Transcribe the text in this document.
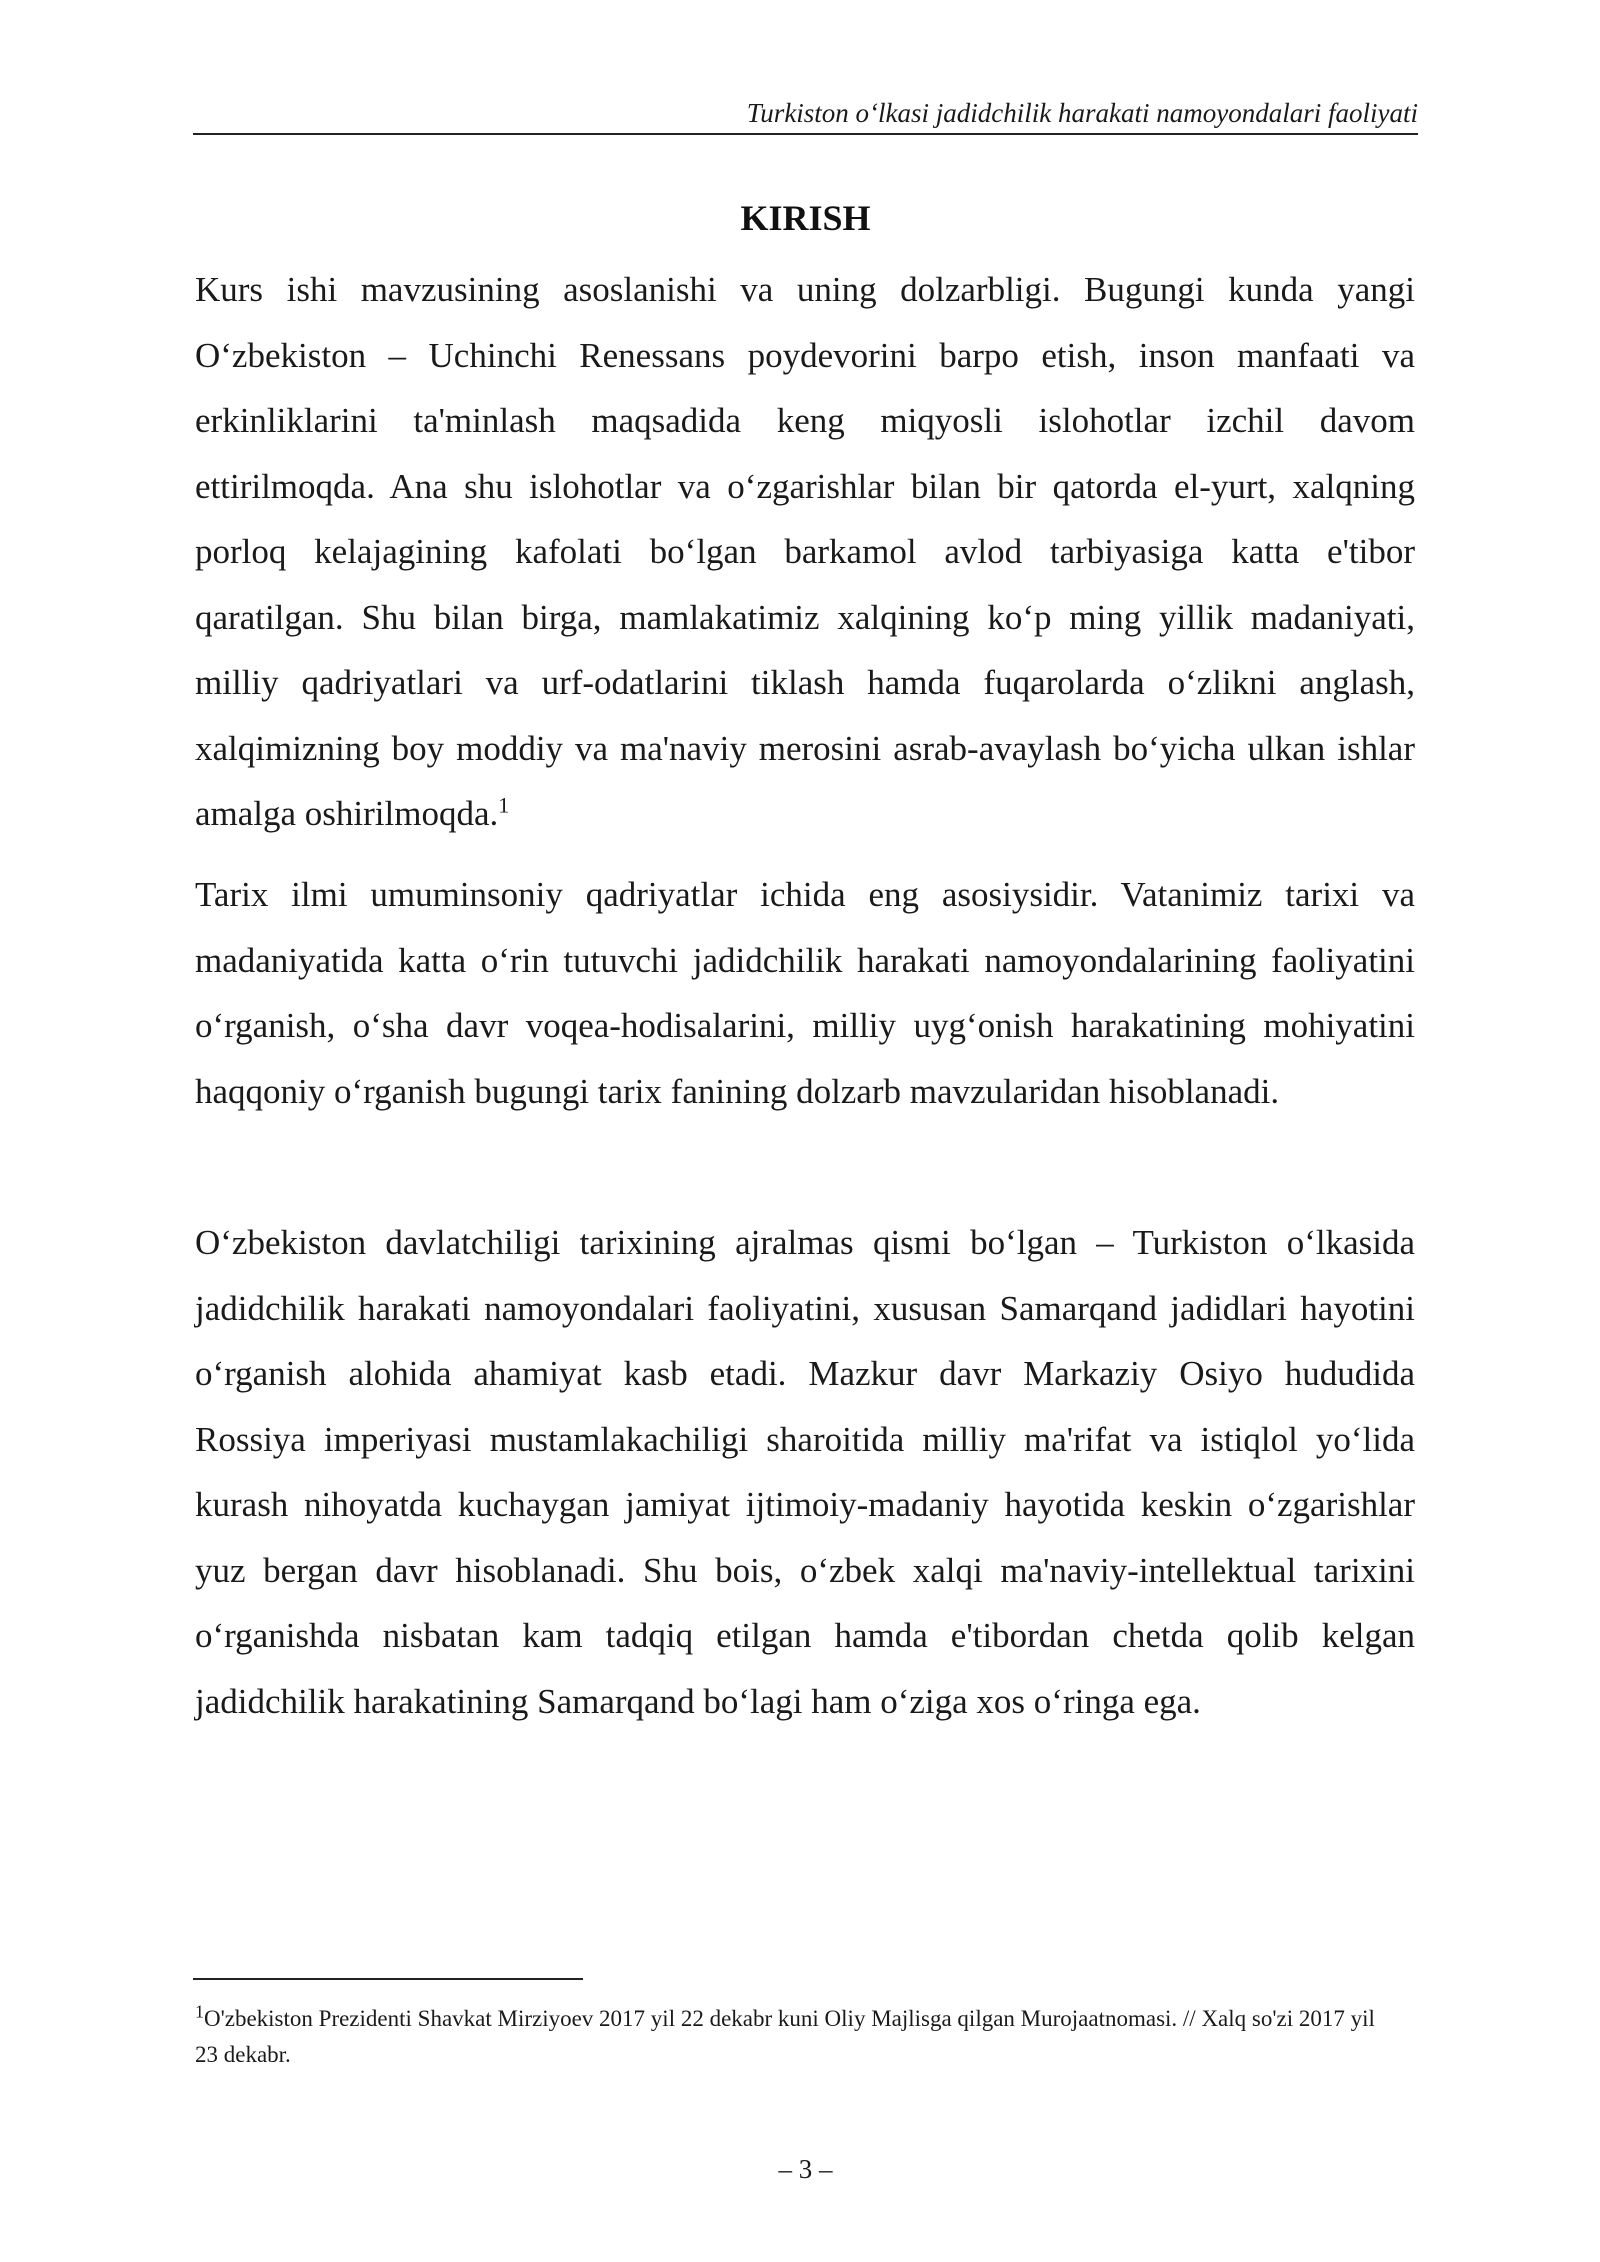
Turkiston o‘lkasi jadidchilik harakati namoyondalari faoliyati
KIRISH
Kurs ishi mavzusining asoslanishi va uning dolzarbligi. Bugungi kunda yangi O‘zbekiston – Uchinchi Renessans poydevorini barpo etish, inson manfaati va erkinliklarini ta'minlash maqsadida keng miqyosli islohotlar izchil davom ettirilmoqda. Ana shu islohotlar va o‘zgarishlar bilan bir qatorda el-yurt, xalqning porloq kelajagining kafolati bo‘lgan barkamol avlod tarbiyasiga katta e'tibor qaratilgan. Shu bilan birga, mamlakatimiz xalqining ko‘p ming yillik madaniyati, milliy qadriyatlari va urf-odatlarini tiklash hamda fuqarolarda o‘zlikni anglash, xalqimizning boy moddiy va ma'naviy merosini asrab-avaylash bo‘yicha ulkan ishlar amalga oshirilmoqda.$^1$
Tarix ilmi umuminsoniy qadriyatlar ichida eng asosiysidir. Vatanimiz tarixi va madaniyatida katta o‘rin tutuvchi jadidchilik harakati namoyondalarining faoliyatini o‘rganish, o‘sha davr voqea-hodisalarini, milliy uyg‘onish harakatining mohiyatini haqqoniy o‘rganish bugungi tarix fanining dolzarb mavzularidan hisoblanadi.
O‘zbekiston davlatchiligi tarixining ajralmas qismi bo‘lgan – Turkiston o‘lkasida jadidchilik harakati namoyondalari faoliyatini, xususan Samarqand jadidlari hayotini o‘rganish alohida ahamiyat kasb etadi. Mazkur davr Markaziy Osiyo hududida Rossiya imperiyasi mustamlakachiligi sharoitida milliy ma'rifat va istiqlol yo‘lida kurash nihoyatda kuchaygan jamiyat ijtimoiy-madaniy hayotida keskin o‘zgarishlar yuz bergan davr hisoblanadi. Shu bois, o‘zbek xalqi ma'naviy-intellektual tarixini o‘rganishda nisbatan kam tadqiq etilgan hamda e'tibordan chetda qolib kelgan jadidchilik harakatining Samarqand bo‘lagi ham o‘ziga xos o‘ringa ega.
$^1$O'zbekiston Prezidenti Shavkat Mirziyoev 2017 yil 22 dekabr kuni Oliy Majlisga qilgan Murojaatnomasi. // Xalq so'zi 2017 yil 23 dekabr.
– 3 –
